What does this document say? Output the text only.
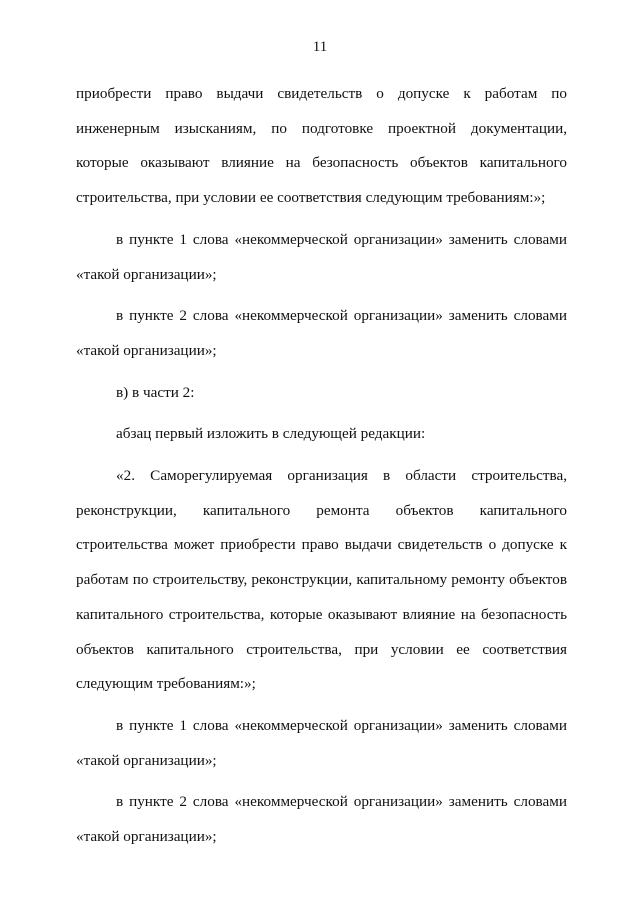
11

приобрести право выдачи свидетельств о допуске к работам по инженерным изысканиям, по подготовке проектной документации, которые оказывают влияние на безопасность объектов капитального строительства, при условии ее соответствия следующим требованиям:»;

в пункте 1 слова «некоммерческой организации» заменить словами «такой организации»;

в пункте 2 слова «некоммерческой организации» заменить словами «такой организации»;

в) в части 2:

абзац первый изложить в следующей редакции:

«2. Саморегулируемая организация в области строительства, реконструкции, капитального ремонта объектов капитального строительства может приобрести право выдачи свидетельств о допуске к работам по строительству, реконструкции, капитальному ремонту объектов капитального строительства, которые оказывают влияние на безопасность объектов капитального строительства, при условии ее соответствия следующим требованиям:»;

в пункте 1 слова «некоммерческой организации» заменить словами «такой организации»;

в пункте 2 слова «некоммерческой организации» заменить словами «такой организации»;
